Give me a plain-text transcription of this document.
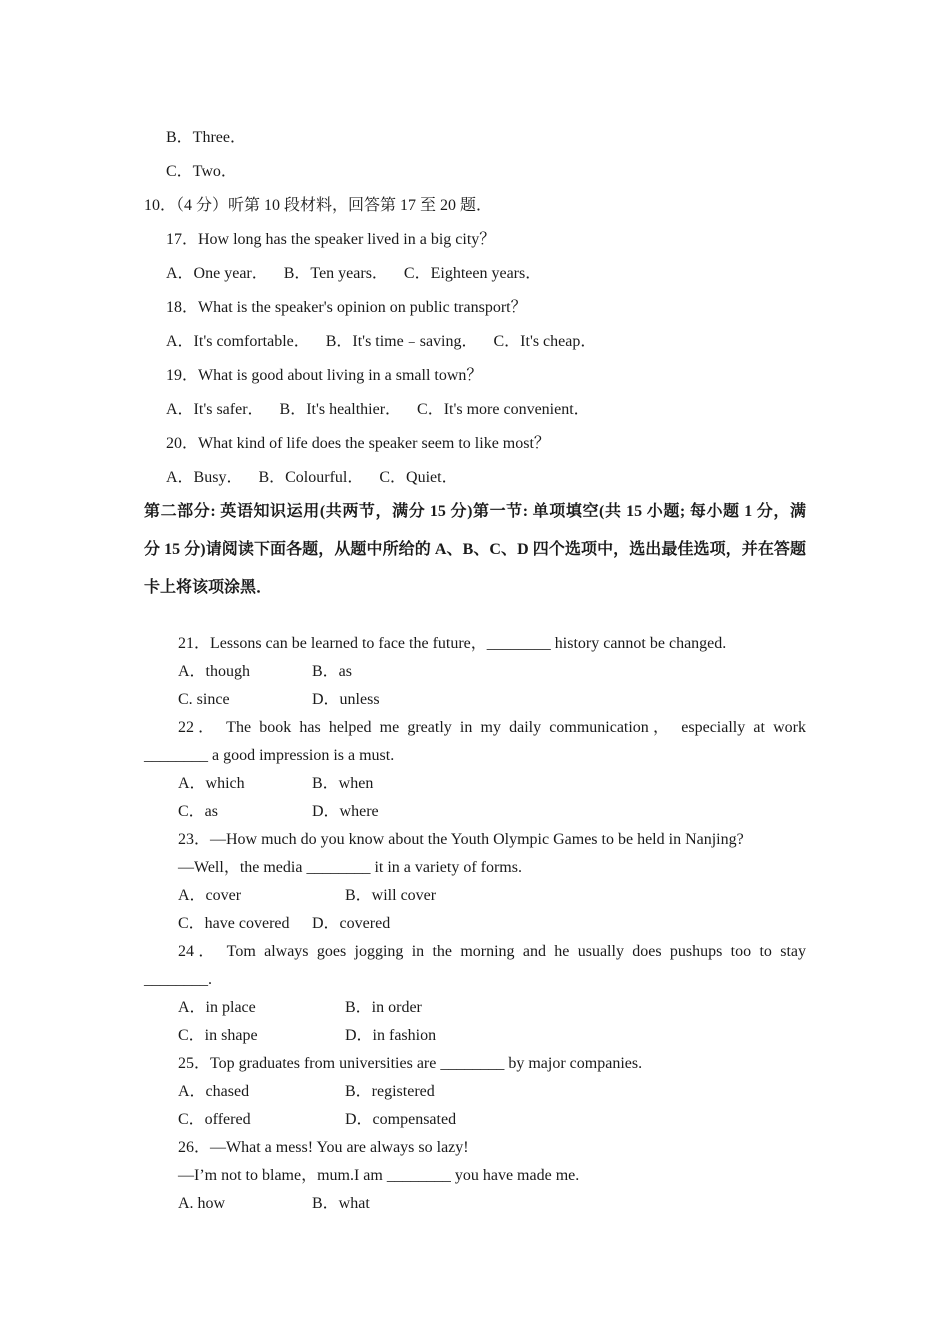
B．Three．
C．Two．
10．（4 分）听第 10 段材料，回答第 17 至 20 题．
17．How long has the speaker lived in a big city？
A．One year．    B．Ten years．    C．Eighteen years．
18．What is the speaker's opinion on public transport？
A．It's comfortable．    B．It's time﹣saving．    C．It's cheap．
19．What is good about living in a small town？
A．It's safer．    B．It's healthier．    C．It's more convenient．
20．What kind of life does the speaker seem to like most？
A．Busy．    B．Colourful．    C．Quiet．
第二部分: 英语知识运用(共两节，满分 15 分)第一节: 单项填空(共 15 小题; 每小题 1 分，满
分 15 分)请阅读下面各题，从题中所给的 A、B、C、D 四个选项中，选出最佳选项，并在答题
卡上将该项涂黑．
21．Lessons can be learned to face the future，________ history cannot be changed.
A．though	B．as
C. since	D．unless
22． The book has helped me greatly in my daily communication， especially at work
________ a good impression is a must.
A．which	B．when
C．as	D．where
23．—How much do you know about the Youth Olympic Games to be held in Nanjing?
—Well，the media ________ it in a variety of forms.
A．cover	B．will cover
C．have covered D．covered
24． Tom always goes jogging in the morning and he usually does pushups too to stay
________.
A．in place	B．in order
C．in shape	D．in fashion
25．Top graduates from universities are ________ by major companies.
A．chased	B．registered
C．offered	D．compensated
26．—What a mess! You are always so lazy!
—I’m not to blame，mum.I am ________ you have made me.
A. how	B．what
